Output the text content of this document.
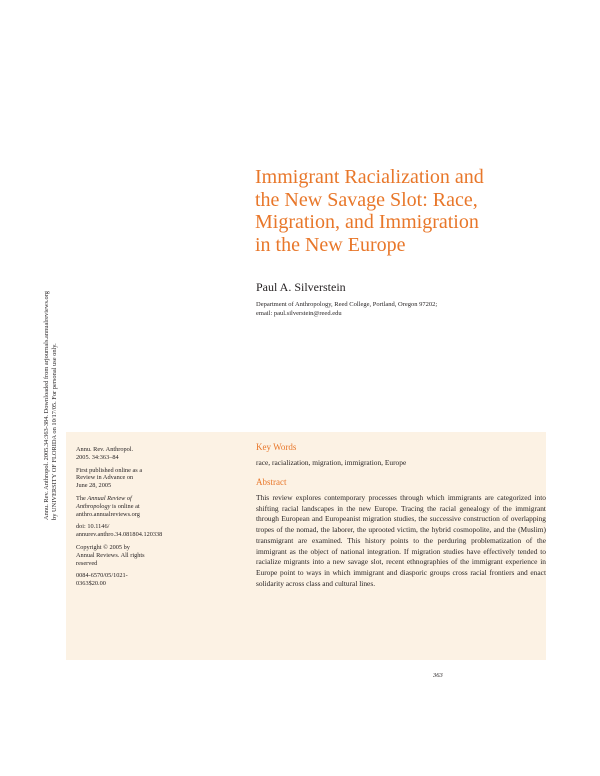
Annu. Rev. Anthropol. 2005.34:363-384. Downloaded from arjournals.annualreviews.org by UNIVERSITY OF FLORIDA on 10/17/05. For personal use only.
Immigrant Racialization and
the New Savage Slot: Race,
Migration, and Immigration
in the New Europe
Paul A. Silverstein
Department of Anthropology, Reed College, Portland, Oregon 97202;
email: paul.silverstein@reed.edu

Annu. Rev. Anthropol.
2005. 34:363–84

First published online as a
Review in Advance on
June 28, 2005

The Annual Review of
Anthropology is online at
anthro.annualreviews.org

doi: 10.1146/
annurev.anthro.34.081804.120338

Copyright © 2005 by
Annual Reviews. All rights
reserved

0084-6570/05/1021-
0363$20.00

Key Words

race, racialization, migration, immigration, Europe

Abstract

This review explores contemporary processes through which immigrants are categorized into shifting racial landscapes in the new Europe. Tracing the racial genealogy of the immigrant through European and Europeanist migration studies, the successive construction of overlapping tropes of the nomad, the laborer, the uprooted victim, the hybrid cosmopolite, and the (Muslim) transmigrant are examined. This history points to the perduring problematization of the immigrant as the object of national integration. If migration studies have effectively tended to racialize migrants into a new savage slot, recent ethnographies of the immigrant experience in Europe point to ways in which immigrant and diasporic groups cross racial frontiers and enact solidarity across class and cultural lines.

363
